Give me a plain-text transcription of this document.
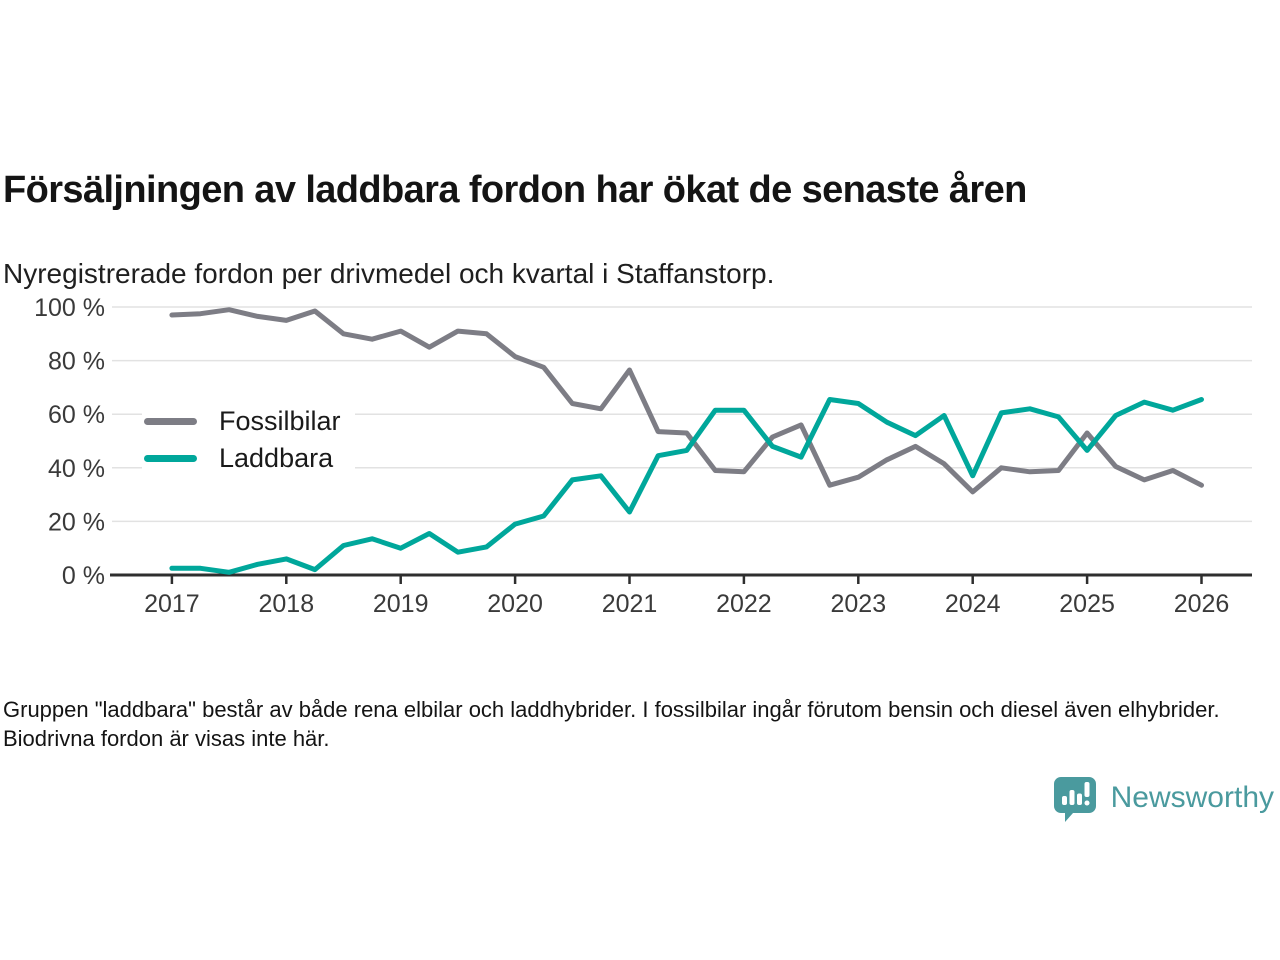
Försäljningen av laddbara fordon har ökat de senaste åren

Nyregistrerade fordon per drivmedel och kvartal i Staffanstorp.

0 %
20 %
40 %
60 %
80 %
100 %
2017 2018 2019 2020 2021 2022 2023 2024 2025 2026
Fossilbilar
Laddbara

Gruppen "laddbara" består av både rena elbilar och laddhybrider. I fossilbilar ingår förutom bensin och diesel även elhybrider. Biodrivna fordon är visas inte här.

Newsworthy
